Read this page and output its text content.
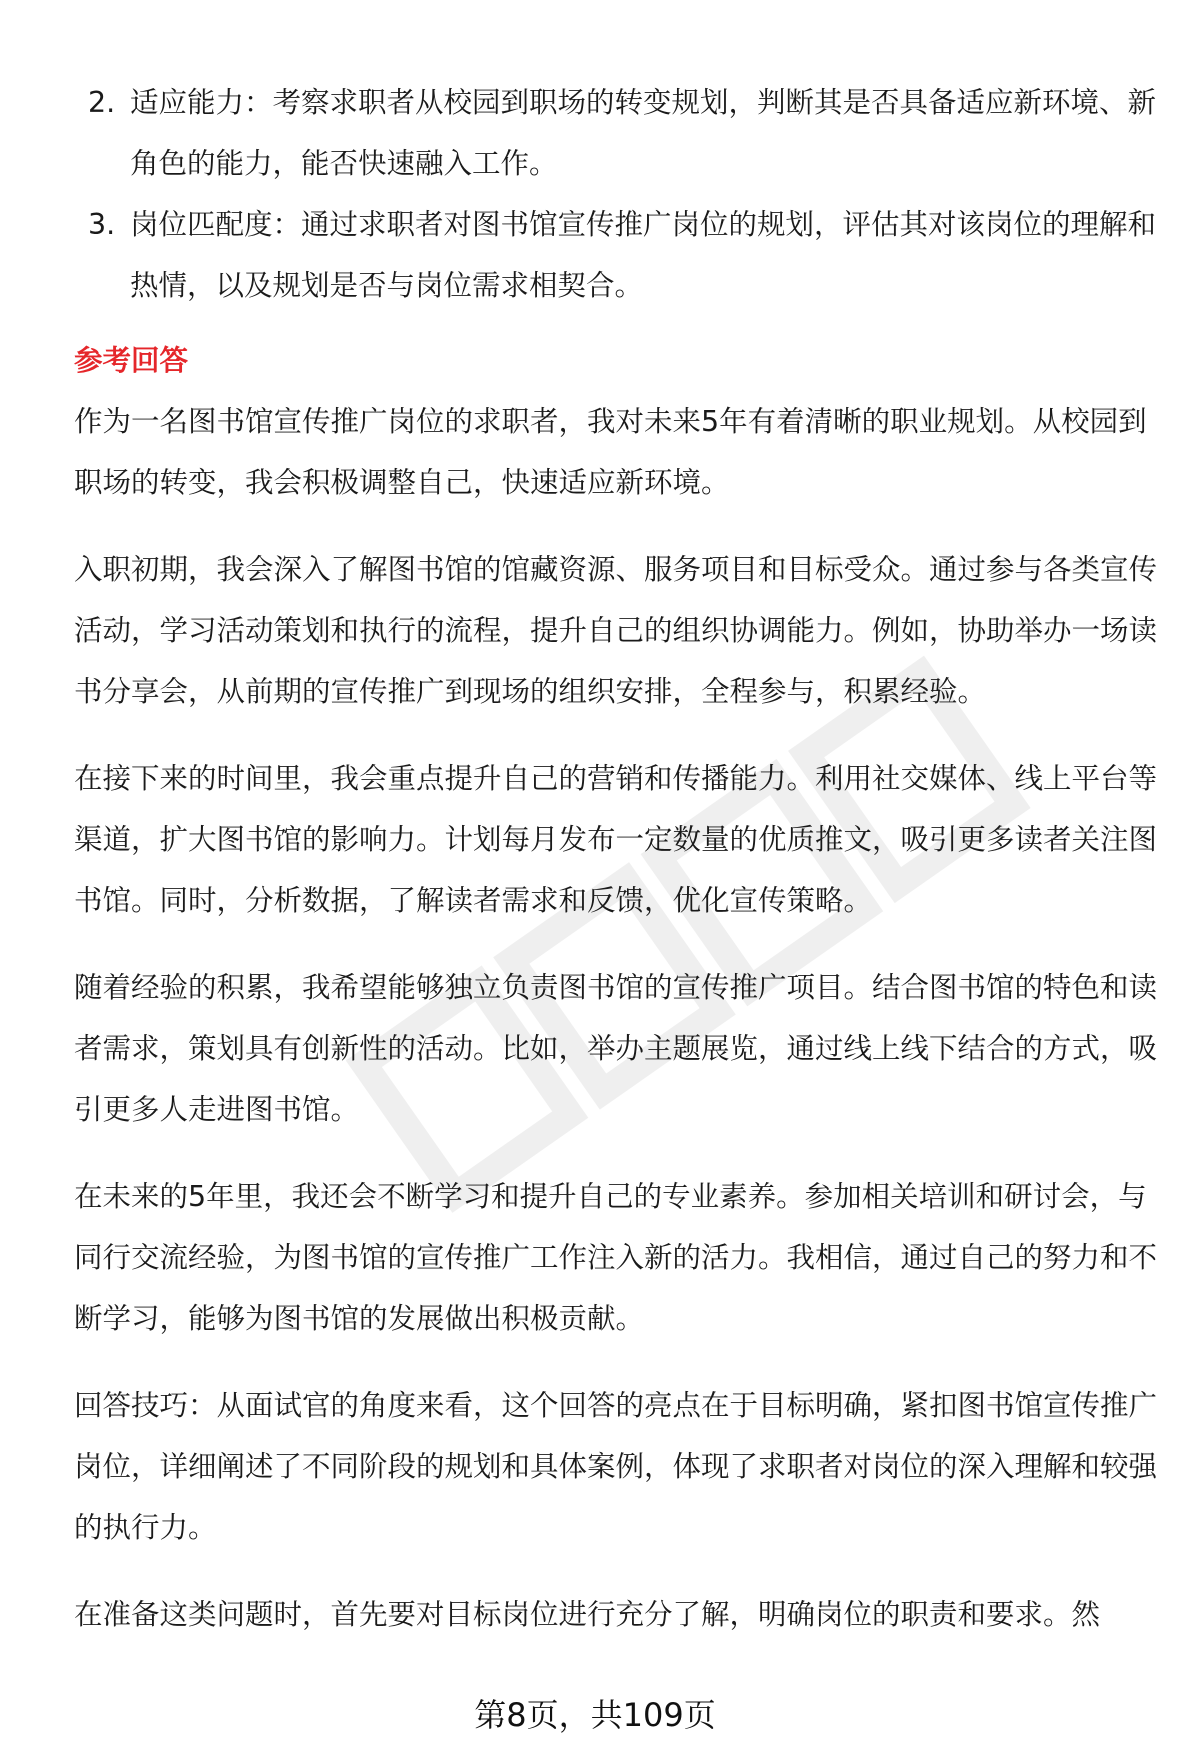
2. 适应能力：考察求职者从校园到职场的转变规划，判断其是否具备适应新环境、新角色的能力，能否快速融入工作。
3. 岗位匹配度：通过求职者对图书馆宣传推广岗位的规划，评估其对该岗位的理解和热情，以及规划是否与岗位需求相契合。
参考回答

作为一名图书馆宣传推广岗位的求职者，我对未来5年有着清晰的职业规划。从校园到职场的转变，我会积极调整自己，快速适应新环境。

入职初期，我会深入了解图书馆的馆藏资源、服务项目和目标受众。通过参与各类宣传活动，学习活动策划和执行的流程，提升自己的组织协调能力。例如，协助举办一场读书分享会，从前期的宣传推广到现场的组织安排，全程参与，积累经验。

在接下来的时间里，我会重点提升自己的营销和传播能力。利用社交媒体、线上平台等渠道，扩大图书馆的影响力。计划每月发布一定数量的优质推文，吸引更多读者关注图书馆。同时，分析数据，了解读者需求和反馈，优化宣传策略。

随着经验的积累，我希望能够独立负责图书馆的宣传推广项目。结合图书馆的特色和读者需求，策划具有创新性的活动。比如，举办主题展览，通过线上线下结合的方式，吸引更多人走进图书馆。

在未来的5年里，我还会不断学习和提升自己的专业素养。参加相关培训和研讨会，与同行交流经验，为图书馆的宣传推广工作注入新的活力。我相信，通过自己的努力和不断学习，能够为图书馆的发展做出积极贡献。

回答技巧：从面试官的角度来看，这个回答的亮点在于目标明确，紧扣图书馆宣传推广岗位，详细阐述了不同阶段的规划和具体案例，体现了求职者对岗位的深入理解和较强的执行力。

在准备这类问题时，首先要对目标岗位进行充分了解，明确岗位的职责和要求。然

第8页，共109页
